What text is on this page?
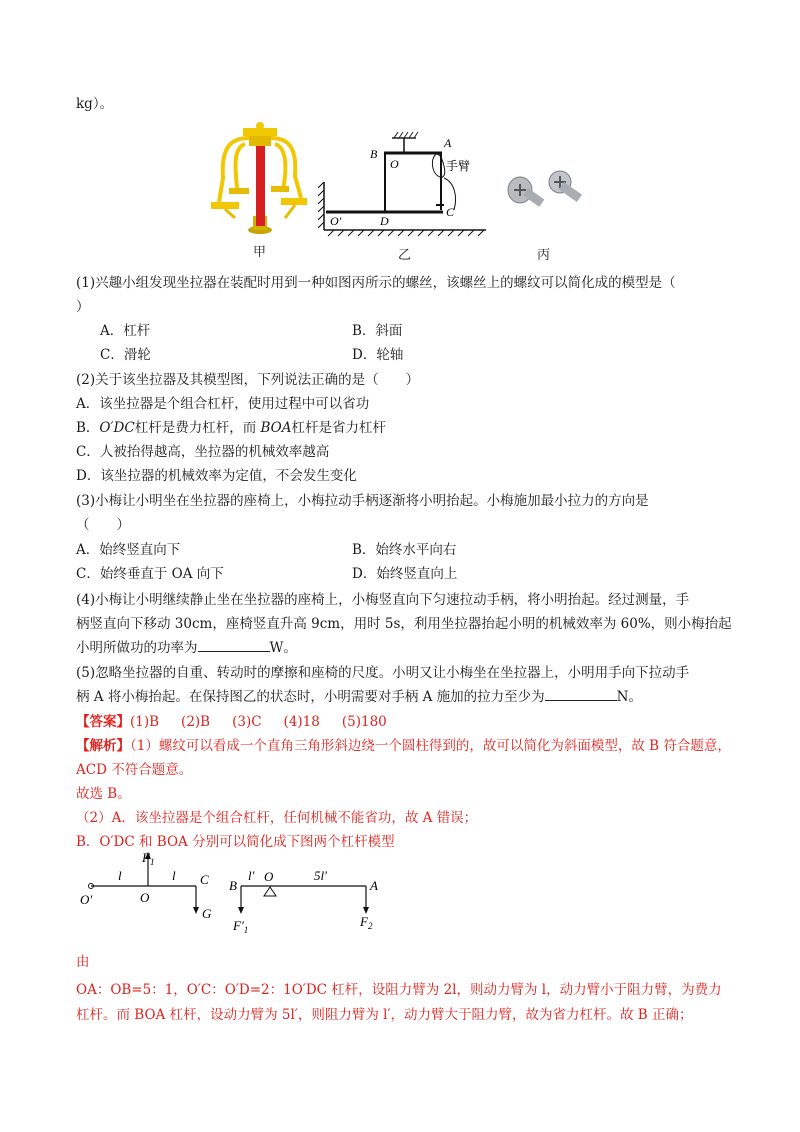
kg）。
甲
B
O
A
手臂
C
D
O′
乙	丙
(1)兴趣小组发现坐拉器在装配时用到一种如图丙所示的螺丝，该螺丝上的螺纹可以简化成的模型是（
）
A．杠杆	B．斜面
C．滑轮	D．轮轴
(2)关于该坐拉器及其模型图，下列说法正确的是（　　）
A．该坐拉器是个组合杠杆，使用过程中可以省功
B．O′DC杠杆是费力杠杆，而 BOA杠杆是省力杠杆
C．人被抬得越高，坐拉器的机械效率越高
D．该坐拉器的机械效率为定值，不会发生变化
(3)小梅让小明坐在坐拉器的座椅上，小梅拉动手柄逐渐将小明抬起。小梅施加最小拉力的方向是
（　　）
A．始终竖直向下	B．始终水平向右
C．始终垂直于 OA 向下	D．始终竖直向上
(4)小梅让小明继续静止坐在坐拉器的座椅上，小梅竖直向下匀速拉动手柄，将小明抬起。经过测量，手
柄竖直向下移动 30cm，座椅竖直升高 9cm，用时 5s，利用坐拉器抬起小明的机械效率为 60%，则小梅抬起
小明所做功的功率为	W。
(5)忽略坐拉器的自重、转动时的摩擦和座椅的尺度。小明又让小梅坐在坐拉器上，小明用手向下拉动手
柄 A 将小梅抬起。在保持图乙的状态时，小明需要对手柄 A 施加的拉力至少为	N。
【答案】(1)B (2)B (3)C (4)18 (5)180
【解析】（1）螺纹可以看成一个直角三角形斜边绕一个圆柱得到的，故可以简化为斜面模型，故 B 符合题意，
ACD 不符合题意。
故选 B。
（2）A．该坐拉器是个组合杠杆，任何机械不能省功，故 A 错误；
B．O′DC 和 BOA 分别可以简化成下图两个杠杆模型
$F_1$
l	l
O′	O
C
G
B
l′ O	5l′
A
$F'_1$
$F_2$
由
OA：OB=5：1，O′C：O′D=2：1O′DC 杠杆，设阻力臂为 2l，则动力臂为 l，动力臂小于阻力臂，为费力
杠杆。而 BOA 杠杆，设动力臂为 5l′，则阻力臂为 l′，动力臂大于阻力臂，故为省力杠杆。故 B 正确；
